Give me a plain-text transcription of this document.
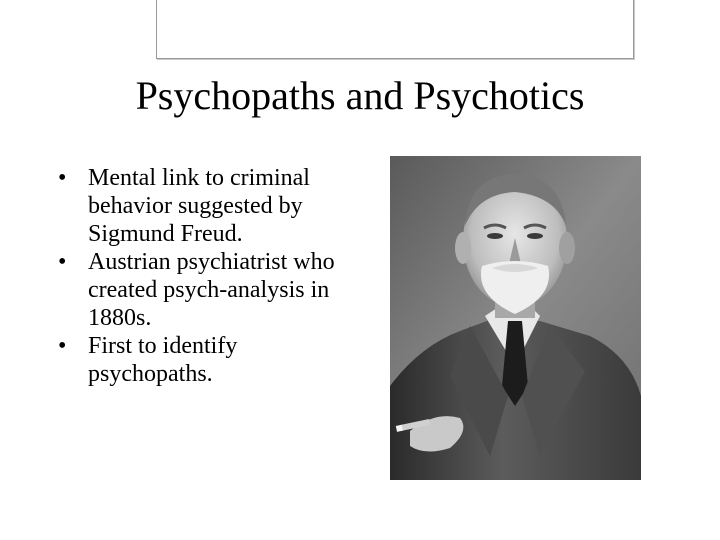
Psychopaths and Psychotics
• Mental link to criminal behavior suggested by Sigmund Freud.
• Austrian psychiatrist who created psych-analysis in 1880s.
• First to identify psychopaths.
